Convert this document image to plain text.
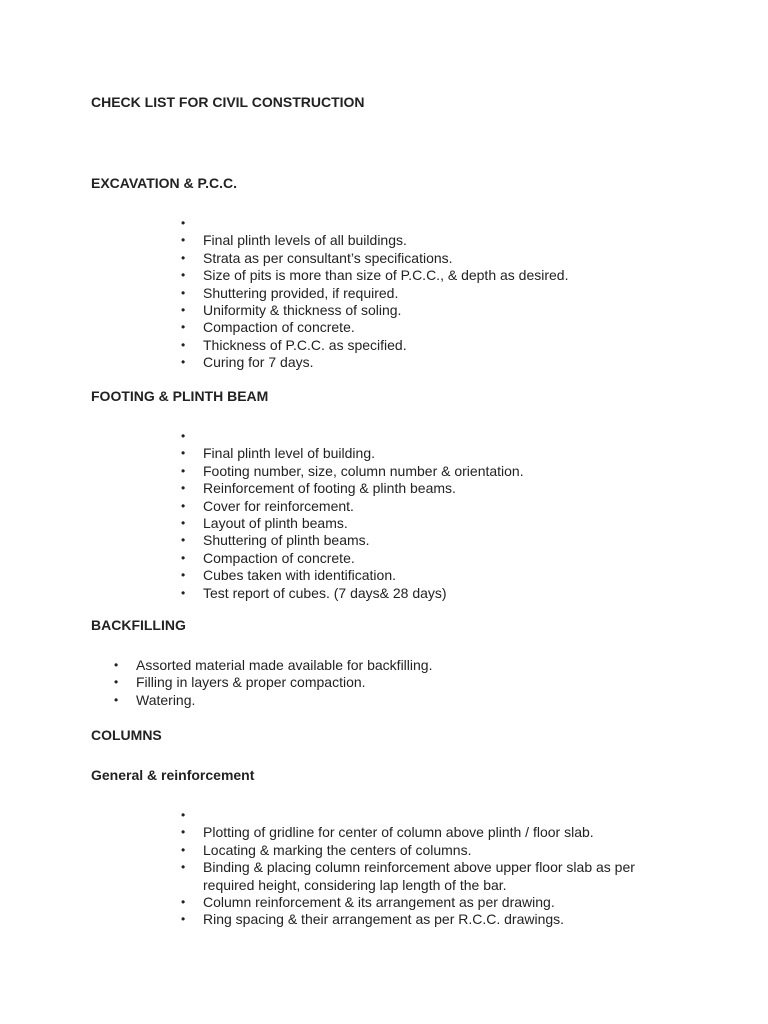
CHECK LIST FOR CIVIL CONSTRUCTION
EXCAVATION & P.C.C.
•
• Final plinth levels of all buildings.
• Strata as per consultant’s specifications.
• Size of pits is more than size of P.C.C., & depth as desired.
• Shuttering provided, if required.
• Uniformity & thickness of soling.
• Compaction of concrete.
• Thickness of P.C.C. as specified.
• Curing for 7 days.
FOOTING & PLINTH BEAM
•
• Final plinth level of building.
• Footing number, size, column number & orientation.
• Reinforcement of footing & plinth beams.
• Cover for reinforcement.
• Layout of plinth beams.
• Shuttering of plinth beams.
• Compaction of concrete.
• Cubes taken with identification.
• Test report of cubes. (7 days& 28 days)
BACKFILLING
• Assorted material made available for backfilling.
• Filling in layers & proper compaction.
• Watering.
COLUMNS
General & reinforcement
•
• Plotting of gridline for center of column above plinth / floor slab.
• Locating & marking the centers of columns.
• Binding & placing column reinforcement above upper floor slab as per required height, considering lap length of the bar.
• Column reinforcement & its arrangement as per drawing.
• Ring spacing & their arrangement as per R.C.C. drawings.
